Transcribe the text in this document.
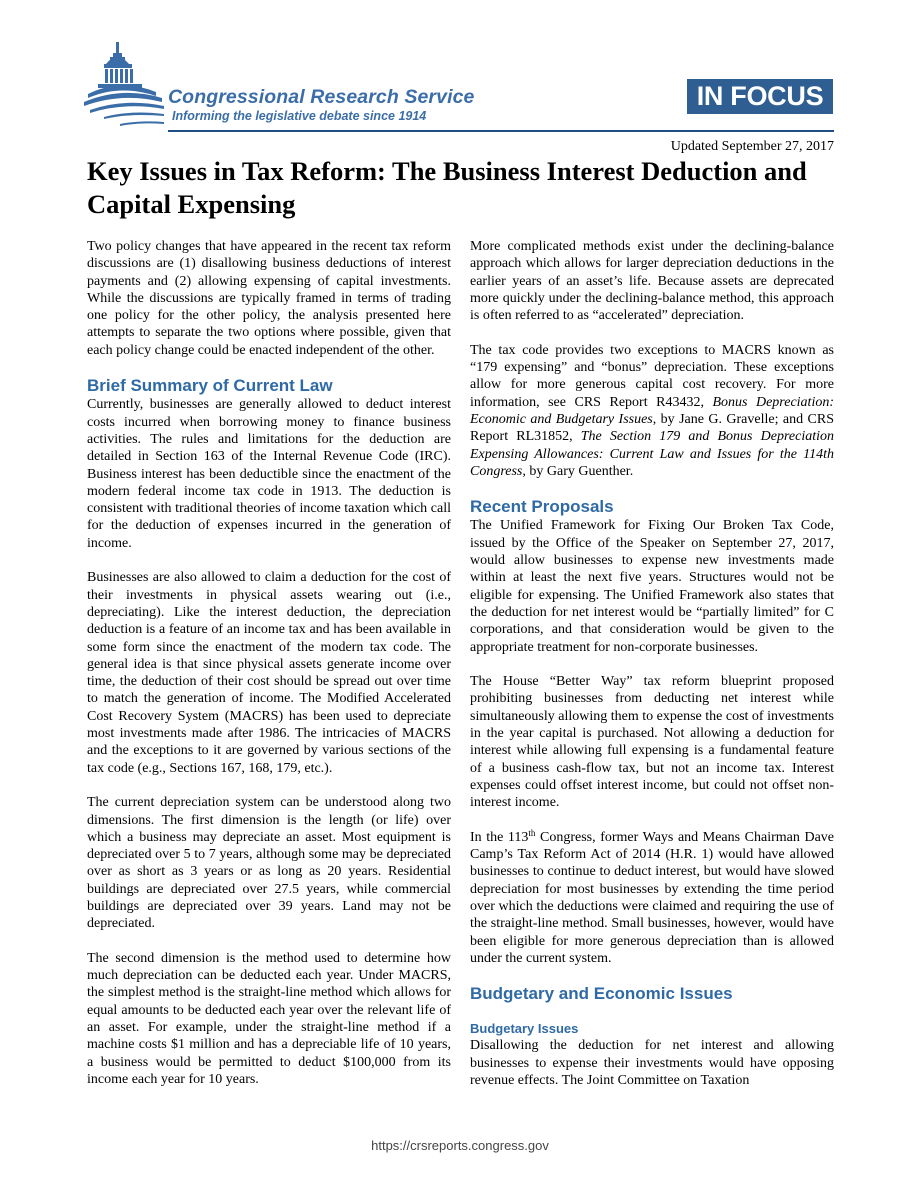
Congressional Research Service
Informing the legislative debate since 1914
IN FOCUS
Updated September 27, 2017
Key Issues in Tax Reform: The Business Interest Deduction and Capital Expensing

Two policy changes that have appeared in the recent tax reform discussions are (1) disallowing business deductions of interest payments and (2) allowing expensing of capital investments. While the discussions are typically framed in terms of trading one policy for the other policy, the analysis presented here attempts to separate the two options where possible, given that each policy change could be enacted independent of the other.

Brief Summary of Current Law

Currently, businesses are generally allowed to deduct interest costs incurred when borrowing money to finance business activities. The rules and limitations for the deduction are detailed in Section 163 of the Internal Revenue Code (IRC). Business interest has been deductible since the enactment of the modern federal income tax code in 1913. The deduction is consistent with traditional theories of income taxation which call for the deduction of expenses incurred in the generation of income.

Businesses are also allowed to claim a deduction for the cost of their investments in physical assets wearing out (i.e., depreciating). Like the interest deduction, the depreciation deduction is a feature of an income tax and has been available in some form since the enactment of the modern tax code. The general idea is that since physical assets generate income over time, the deduction of their cost should be spread out over time to match the generation of income. The Modified Accelerated Cost Recovery System (MACRS) has been used to depreciate most investments made after 1986. The intricacies of MACRS and the exceptions to it are governed by various sections of the tax code (e.g., Sections 167, 168, 179, etc.).

The current depreciation system can be understood along two dimensions. The first dimension is the length (or life) over which a business may depreciate an asset. Most equipment is depreciated over 5 to 7 years, although some may be depreciated over as short as 3 years or as long as 20 years. Residential buildings are depreciated over 27.5 years, while commercial buildings are depreciated over 39 years. Land may not be depreciated.

The second dimension is the method used to determine how much depreciation can be deducted each year. Under MACRS, the simplest method is the straight-line method which allows for equal amounts to be deducted each year over the relevant life of an asset. For example, under the straight-line method if a machine costs $1 million and has a depreciable life of 10 years, a business would be permitted to deduct $100,000 from its income each year for 10 years.

More complicated methods exist under the declining-balance approach which allows for larger depreciation deductions in the earlier years of an asset’s life. Because assets are deprecated more quickly under the declining-balance method, this approach is often referred to as “accelerated” depreciation.

The tax code provides two exceptions to MACRS known as “179 expensing” and “bonus” depreciation. These exceptions allow for more generous capital cost recovery. For more information, see CRS Report R43432, Bonus Depreciation: Economic and Budgetary Issues, by Jane G. Gravelle; and CRS Report RL31852, The Section 179 and Bonus Depreciation Expensing Allowances: Current Law and Issues for the 114th Congress, by Gary Guenther.

Recent Proposals

The Unified Framework for Fixing Our Broken Tax Code, issued by the Office of the Speaker on September 27, 2017, would allow businesses to expense new investments made within at least the next five years. Structures would not be eligible for expensing. The Unified Framework also states that the deduction for net interest would be “partially limited” for C corporations, and that consideration would be given to the appropriate treatment for non-corporate businesses.

The House “Better Way” tax reform blueprint proposed prohibiting businesses from deducting net interest while simultaneously allowing them to expense the cost of investments in the year capital is purchased. Not allowing a deduction for interest while allowing full expensing is a fundamental feature of a business cash-flow tax, but not an income tax. Interest expenses could offset interest income, but could not offset non-interest income.

In the 113th Congress, former Ways and Means Chairman Dave Camp’s Tax Reform Act of 2014 (H.R. 1) would have allowed businesses to continue to deduct interest, but would have slowed depreciation for most businesses by extending the time period over which the deductions were claimed and requiring the use of the straight-line method. Small businesses, however, would have been eligible for more generous depreciation than is allowed under the current system.

Budgetary and Economic Issues
Budgetary Issues

Disallowing the deduction for net interest and allowing businesses to expense their investments would have opposing revenue effects. The Joint Committee on Taxation

https://crsreports.congress.gov
